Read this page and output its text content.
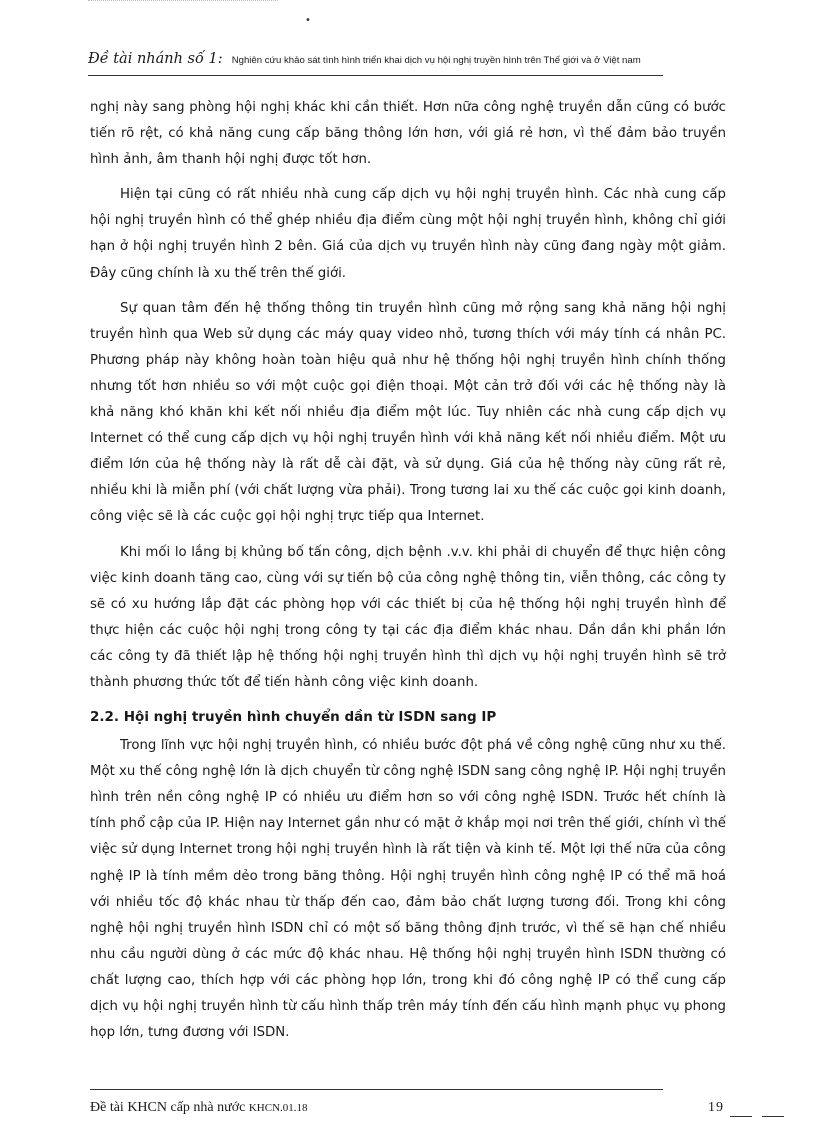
•
Đề tài nhánh số 1: Nghiên cứu khảo sát tình hình triển khai dịch vụ hội nghị truyền hình trên Thế giới và ở Việt nam

nghị này sang phòng hội nghị khác khi cần thiết. Hơn nữa công nghệ truyền dẫn cũng có bước tiến rõ rệt, có khả năng cung cấp băng thông lớn hơn, với giá rẻ hơn, vì thế đảm bảo truyền hình ảnh, âm thanh hội nghị được tốt hơn.

Hiện tại cũng có rất nhiều nhà cung cấp dịch vụ hội nghị truyền hình. Các nhà cung cấp hội nghị truyền hình có thể ghép nhiều địa điểm cùng một hội nghị truyền hình, không chỉ giới hạn ở hội nghị truyền hình 2 bên. Giá của dịch vụ truyền hình này cũng đang ngày một giảm. Đây cũng chính là xu thế trên thế giới.

Sự quan tâm đến hệ thống thông tin truyền hình cũng mở rộng sang khả năng hội nghị truyền hình qua Web sử dụng các máy quay video nhỏ, tương thích với máy tính cá nhân PC. Phương pháp này không hoàn toàn hiệu quả như hệ thống hội nghị truyền hình chính thống nhưng tốt hơn nhiều so với một cuộc gọi điện thoại. Một cản trở đối với các hệ thống này là khả năng khó khăn khi kết nối nhiều địa điểm một lúc. Tuy nhiên các nhà cung cấp dịch vụ Internet có thể cung cấp dịch vụ hội nghị truyền hình với khả năng kết nối nhiều điểm. Một ưu điểm lớn của hệ thống này là rất dễ cài đặt, và sử dụng. Giá của hệ thống này cũng rất rẻ, nhiều khi là miễn phí (với chất lượng vừa phải). Trong tương lai xu thế các cuộc gọi kinh doanh, công việc sẽ là các cuộc gọi hội nghị trực tiếp qua Internet.

Khi mối lo lắng bị khủng bố tấn công, dịch bệnh .v.v. khi phải di chuyển để thực hiện công việc kinh doanh tăng cao, cùng với sự tiến bộ của công nghệ thông tin, viễn thông, các công ty sẽ có xu hướng lắp đặt các phòng họp với các thiết bị của hệ thống hội nghị truyền hình để thực hiện các cuộc hội nghị trong công ty tại các địa điểm khác nhau. Dần dần khi phần lớn các công ty đã thiết lập hệ thống hội nghị truyền hình thì dịch vụ hội nghị truyền hình sẽ trở thành phương thức tốt để tiến hành công việc kinh doanh.

2.2. Hội nghị truyền hình chuyển dần từ ISDN sang IP

Trong lĩnh vực hội nghị truyền hình, có nhiều bước đột phá về công nghệ cũng như xu thế. Một xu thế công nghệ lớn là dịch chuyển từ công nghệ ISDN sang công nghệ IP. Hội nghị truyền hình trên nền công nghệ IP có nhiều ưu điểm hơn so với công nghệ ISDN. Trước hết chính là tính phổ cập của IP. Hiện nay Internet gần như có mặt ở khắp mọi nơi trên thế giới, chính vì thế việc sử dụng Internet trong hội nghị truyền hình là rất tiện và kinh tế. Một lợi thế nữa của công nghệ IP là tính mềm dẻo trong băng thông. Hội nghị truyền hình công nghệ IP có thể mã hoá với nhiều tốc độ khác nhau từ thấp đến cao, đảm bảo chất lượng tương đối. Trong khi công nghệ hội nghị truyền hình ISDN chỉ có một số băng thông định trước, vì thế sẽ hạn chế nhiều nhu cầu người dùng ở các mức độ khác nhau. Hệ thống hội nghị truyền hình ISDN thường có chất lượng cao, thích hợp với các phòng họp lớn, trong khi đó công nghệ IP có thể cung cấp dịch vụ hội nghị truyền hình từ cấu hình thấp trên máy tính đến cấu hình mạnh phục vụ phong họp lớn, tưng đương với ISDN.

Đề tài KHCN cấp nhà nước KHCN.01.18	19
